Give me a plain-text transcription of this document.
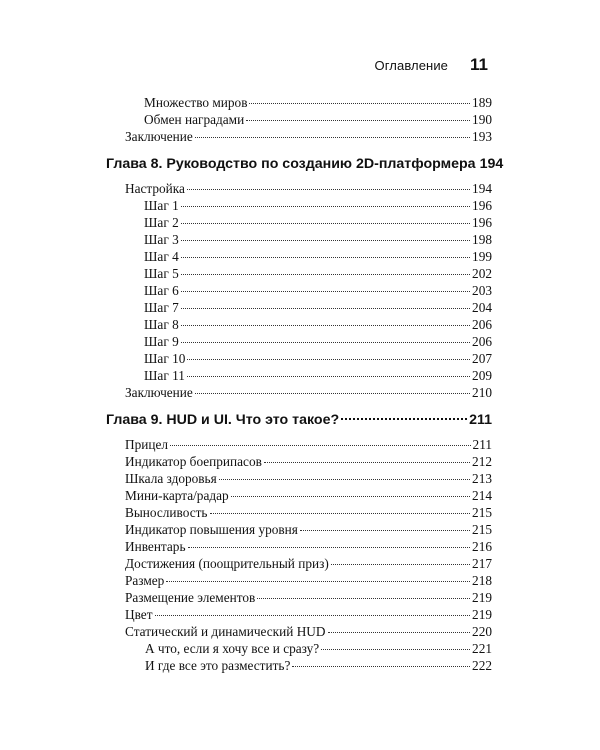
Оглавление 11
Множество миров	189
Обмен наградами	190
Заключение	193
Глава 8. Руководство по созданию 2D-платформера 194
Настройка	194
Шаг 1	196
Шаг 2	196
Шаг 3	198
Шаг 4	199
Шаг 5	202
Шаг 6	203
Шаг 7	204
Шаг 8	206
Шаг 9	206
Шаг 10	207
Шаг 11	209
Заключение	210
Глава 9. HUD и UI. Что это такое?	211
Прицел	211
Индикатор боеприпасов	212
Шкала здоровья	213
Мини-карта/радар	214
Выносливость	215
Индикатор повышения уровня	215
Инвентарь	216
Достижения (поощрительный приз)	217
Размер	218
Размещение элементов	219
Цвет	219
Статический и динамический HUD	220
А что, если я хочу все и сразу?	221
И где все это разместить?	222
